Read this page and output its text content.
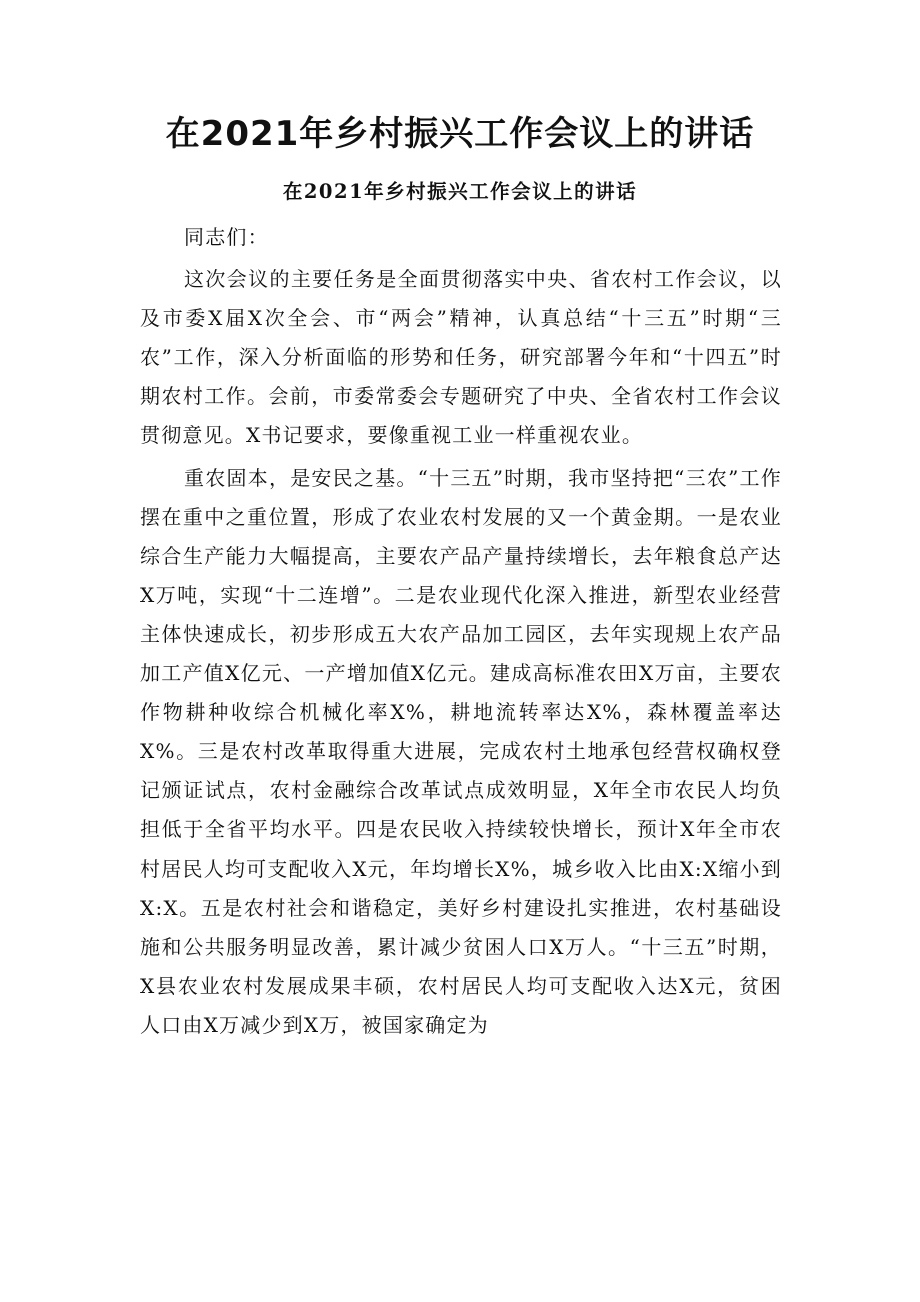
在2021年乡村振兴工作会议上的讲话
在2021年乡村振兴工作会议上的讲话

同志们：

这次会议的主要任务是全面贯彻落实中央、省农村工作会议，以及市委X届X次全会、市“两会”精神，认真总结“十三五”时期“三农”工作，深入分析面临的形势和任务，研究部署今年和“十四五”时期农村工作。会前，市委常委会专题研究了中央、全省农村工作会议贯彻意见。X书记要求，要像重视工业一样重视农业。

重农固本，是安民之基。“十三五”时期，我市坚持把“三农”工作摆在重中之重位置，形成了农业农村发展的又一个黄金期。一是农业综合生产能力大幅提高，主要农产品产量持续增长，去年粮食总产达X万吨，实现“十二连增”。二是农业现代化深入推进，新型农业经营主体快速成长，初步形成五大农产品加工园区，去年实现规上农产品加工产值X亿元、一产增加值X亿元。建成高标准农田X万亩，主要农作物耕种收综合机械化率X%，耕地流转率达X%，森林覆盖率达X%。三是农村改革取得重大进展，完成农村土地承包经营权确权登记颁证试点，农村金融综合改革试点成效明显，X年全市农民人均负担低于全省平均水平。四是农民收入持续较快增长，预计X年全市农村居民人均可支配收入X元，年均增长X%，城乡收入比由X:X缩小到X:X。五是农村社会和谐稳定，美好乡村建设扎实推进，农村基础设施和公共服务明显改善，累计减少贫困人口X万人。“十三五”时期，X县农业农村发展成果丰硕，农村居民人均可支配收入达X元，贫困人口由X万减少到X万，被国家确定为
